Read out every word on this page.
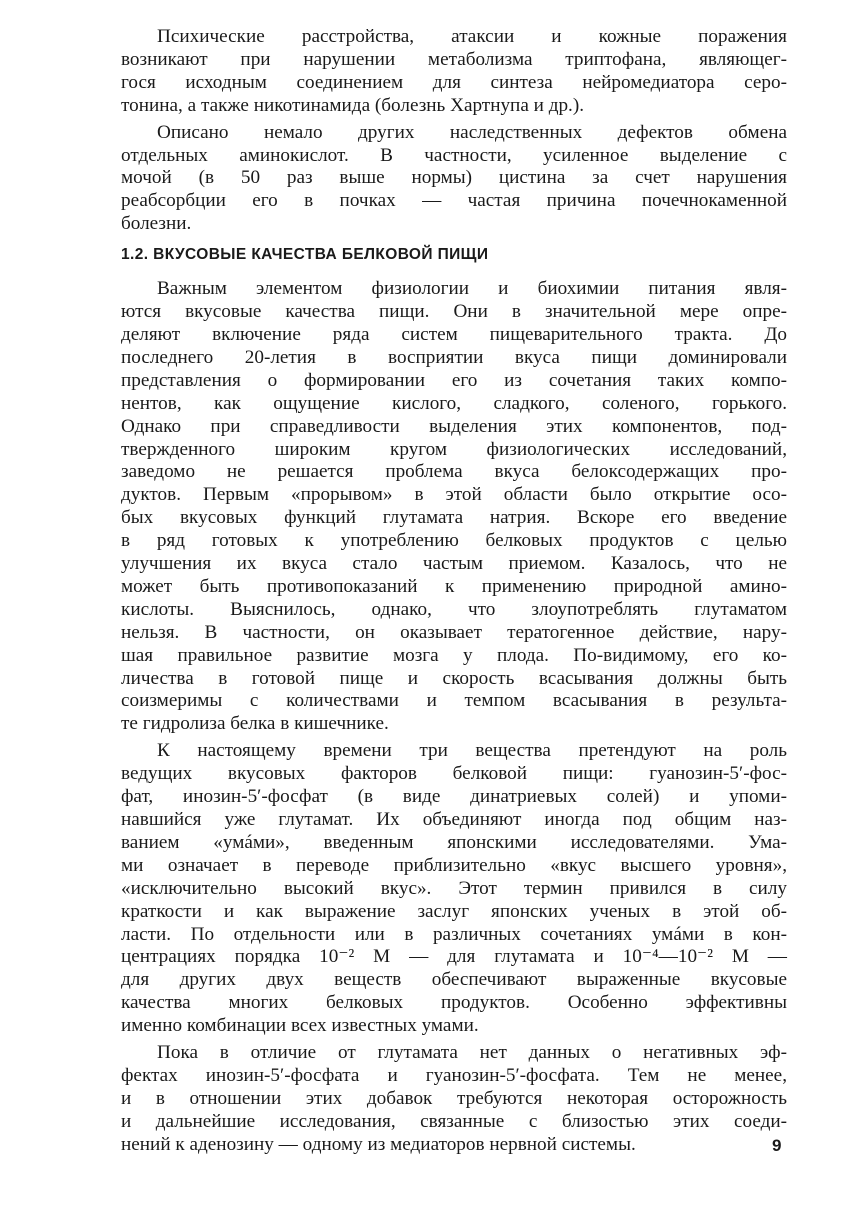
Психические расстройства, атаксии и кожные поражения
возникают при нарушении метаболизма триптофана, являющег-
гося исходным соединением для синтеза нейромедиатора серо-
тонина, а также никотинамида (болезнь Хартнупа и др.).
Описано немало других наследственных дефектов обмена
отдельных аминокислот. В частности, усиленное выделение с
мочой (в 50 раз выше нормы) цистина за счет нарушения
реабсорбции его в почках — частая причина почечнокаменной
болезни.
1.2. ВКУСОВЫЕ КАЧЕСТВА БЕЛКОВОЙ ПИЩИ
Важным элементом физиологии и биохимии питания явля-
ются вкусовые качества пищи. Они в значительной мере опре-
деляют включение ряда систем пищеварительного тракта. До
последнего 20-летия в восприятии вкуса пищи доминировали
представления о формировании его из сочетания таких компо-
нентов, как ощущение кислого, сладкого, соленого, горького.
Однако при справедливости выделения этих компонентов, под-
твержденного широким кругом физиологических исследований,
заведомо не решается проблема вкуса белоксодержащих про-
дуктов. Первым «прорывом» в этой области было открытие осо-
бых вкусовых функций глутамата натрия. Вскоре его введение
в ряд готовых к употреблению белковых продуктов с целью
улучшения их вкуса стало частым приемом. Казалось, что не
может быть противопоказаний к применению природной амино-
кислоты. Выяснилось, однако, что злоупотреблять глутаматом
нельзя. В частности, он оказывает тератогенное действие, нару-
шая правильное развитие мозга у плода. По-видимому, его ко-
личества в готовой пище и скорость всасывания должны быть
соизмеримы с количествами и темпом всасывания в результа-
те гидролиза белка в кишечнике.
К настоящему времени три вещества претендуют на роль
ведущих вкусовых факторов белковой пищи: гуанозин-5′-фос-
фат, инозин-5′-фосфат (в виде динатриевых солей) и упоми-
навшийся уже глутамат. Их объединяют иногда под общим наз-
ванием «умáми», введенным японскими исследователями. Ума-
ми означает в переводе приблизительно «вкус высшего уровня»,
«исключительно высокий вкус». Этот термин привился в силу
краткости и как выражение заслуг японских ученых в этой об-
ласти. По отдельности или в различных сочетаниях умáми в кон-
центрациях порядка 10⁻² М — для глутамата и 10⁻⁴—10⁻² М —
для других двух веществ обеспечивают выраженные вкусовые
качества многих белковых продуктов. Особенно эффективны
именно комбинации всех известных умами.
Пока в отличие от глутамата нет данных о негативных эф-
фектах инозин-5′-фосфата и гуанозин-5′-фосфата. Тем не менее,
и в отношении этих добавок требуются некоторая осторожность
и дальнейшие исследования, связанные с близостью этих соеди-
нений к аденозину — одному из медиаторов нервной системы.	9
